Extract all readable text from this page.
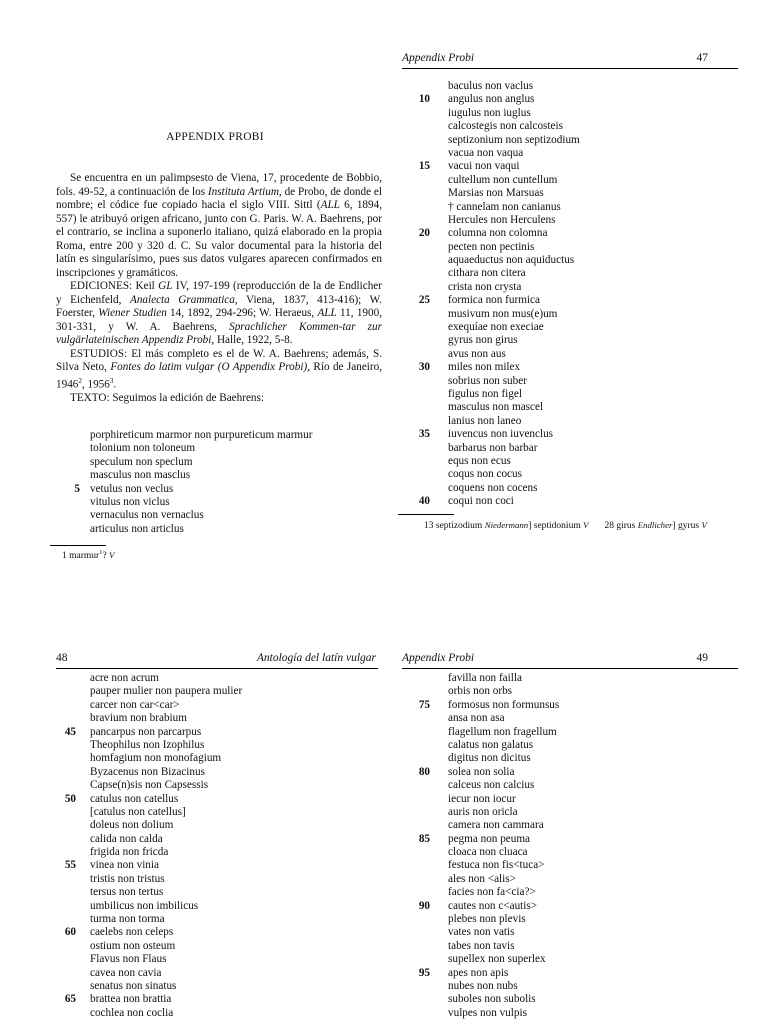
APPENDIX PROBI

Se encuentra en un palimpsesto de Viena, 17, procedente de Bobbio, fols. 49-52, a continuación de los Instituta Artium, de Probo, de donde el nombre; el códice fue copiado hacia el siglo VIII. Sittl (ALL 6, 1894, 557) le atribuyó origen africano, junto con G. Paris. W. A. Baehrens, por el contrario, se inclina a suponerlo italiano, quizá elaborado en la propia Roma, entre 200 y 320 d. C. Su valor documental para la historia del latín es singularísimo, pues sus datos vulgares aparecen confirmados en inscripciones y gramáticos.

EDICIONES: Keil GL IV, 197-199 (reproducción de la de Endlicher y Eichenfeld, Analecta Grammatica, Viena, 1837, 413-416); W. Foerster, Wiener Studien 14, 1892, 294-296; W. Heraeus, ALL 11, 1900, 301-331, y W. A. Baehrens, Sprachlicher Kommen-tar zur vulgärlateinischen Appendiz Probi, Halle, 1922, 5-8.

ESTUDIOS: El más completo es el de W. A. Baehrens; además, S. Silva Neto, Fontes do latim vulgar (O Appendix Probi), Río de Janeiro, 1946$^2$, 1956$^3$.

TEXTO: Seguimos la edición de Baehrens:

porphireticum marmor non purpureticum marmur
tolonium non toloneum
speculum non speclum
masculus non masclus
5 vetulus non veclus
vitulus non viclus
vernaculus non vernaclus
articulus non articlus
1 marmur$^1$? V
Appendix Probi	47
baculus non vaclus
10 angulus non anglus
iugulus non iuglus
calcostegis non calcosteis
septizonium non septizodium
vacua non vaqua
15 vacui non vaqui
cultellum non cuntellum
Marsias non Marsuas
† cannelam non canianus
Hercules non Herculens
20 columna non colomna
pecten non pectinis
aquaeductus non aquiductus
cithara non citera
crista non crysta
25 formica non furmica
musivum non mus(e)um
exequíae non execiae
gyrus non girus
avus non aus
30 miles non milex
sobrius non suber
figulus non figel
masculus non mascel
lanius non laneo
35 iuvencus non iuvenclus
barbarus non barbar
equs non ecus
coqus non cocus
coquens non cocens
40 coqui non coci
13 septizodium Niedermann] septidonium V 28 girus Endlicher] gyrus V
48	Antología del latín vulgar
acre non acrum
pauper mulier non paupera mulier
carcer non car<car>
bravium non brabium
45 pancarpus non parcarpus
Theophilus non Izophilus
homfagium non monofagium
Byzacenus non Bizacinus
Capse(n)sis non Capsessis
50 catulus non catellus
[catulus non catellus]
doleus non dolium
calida non calda
frigida non fricda
55 vinea non vinia
tristis non tristus
tersus non tertus
umbilicus non imbilicus
turma non torma
60 caelebs non celeps
ostium non osteum
Flavus non Flaus
cavea non cavia
senatus non sinatus
65 brattea non brattia
cochlea non coclia
Appendix Probi	49
favilla non failla
orbis non orbs
75 formosus non formunsus
ansa non asa
flagellum non fragellum
calatus non galatus
digitus non dicitus
80 solea non solia
calceus non calcius
iecur non iocur
auris non oricla
camera non cammara
85 pegma non peuma
cloaca non cluaca
festuca non fis<tuca>
ales non <alis>
facies non fa<cia?>
90 cautes non c<autis>
plebes non plevis
vates non vatis
tabes non tavis
supellex non superlex
95 apes non apis
nubes non nubs
suboles non subolis
vulpes non vulpis
